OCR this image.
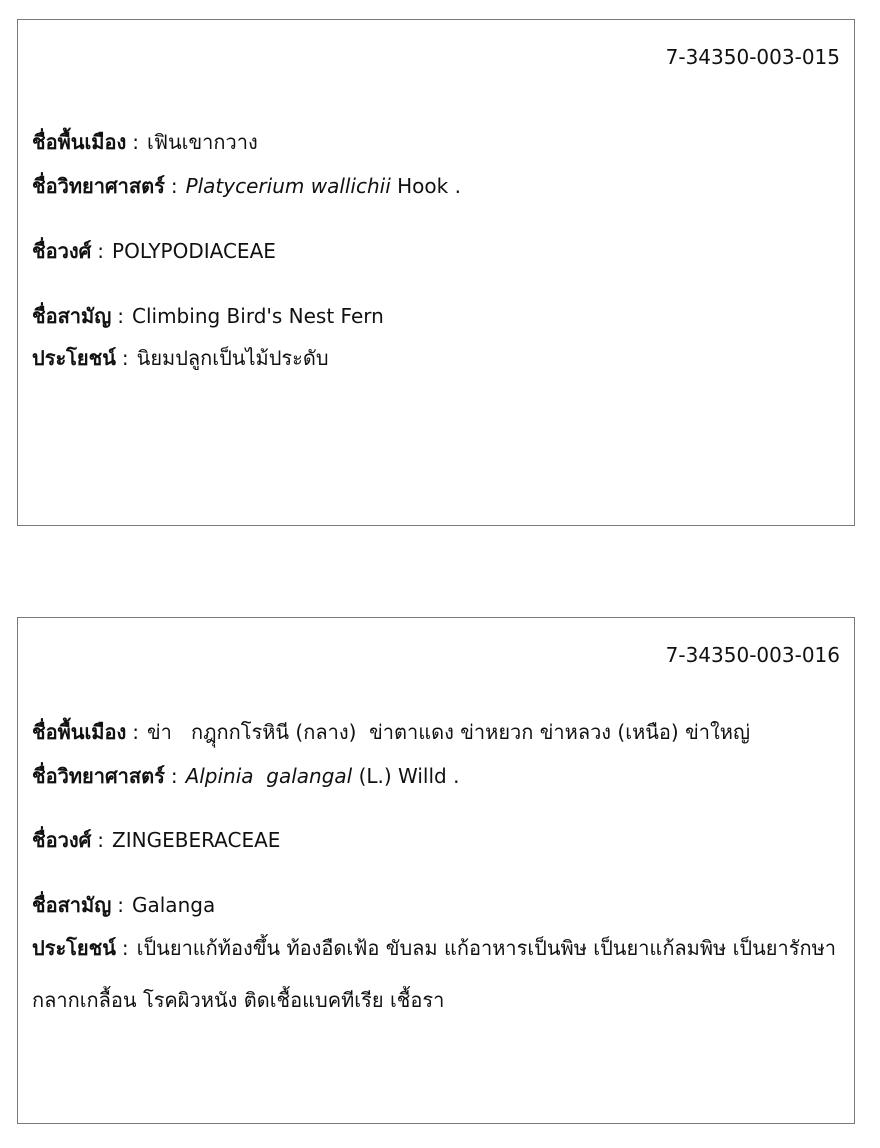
7-34350-003-015
ชื่อพื้นเมือง : เฟินเขากวาง
ชื่อวิทยาศาสตร์ : Platycerium wallichii Hook .
ชื่อวงศ์ : POLYPODIACEAE
ชื่อสามัญ : Climbing Bird's Nest Fern
ประโยชน์ : นิยมปลูกเป็นไม้ประดับ
7-34350-003-016
ชื่อพื้นเมือง : ข่า   กฎุกกโรหินี (กลาง)  ข่าตาแดง ข่าหยวก ข่าหลวง (เหนือ) ข่าใหญ่
ชื่อวิทยาศาสตร์ : Alpinia  galangal (L.) Willd .
ชื่อวงศ์ : ZINGEBERACEAE
ชื่อสามัญ : Galanga
ประโยชน์ : เป็นยาแก้ท้องขึ้น ท้องอืดเฟ้อ ขับลม แก้อาหารเป็นพิษ เป็นยาแก้ลมพิษ เป็นยารักษากลากเกลื้อน โรคผิวหนัง ติดเชื้อแบคทีเรีย เชื้อรา
